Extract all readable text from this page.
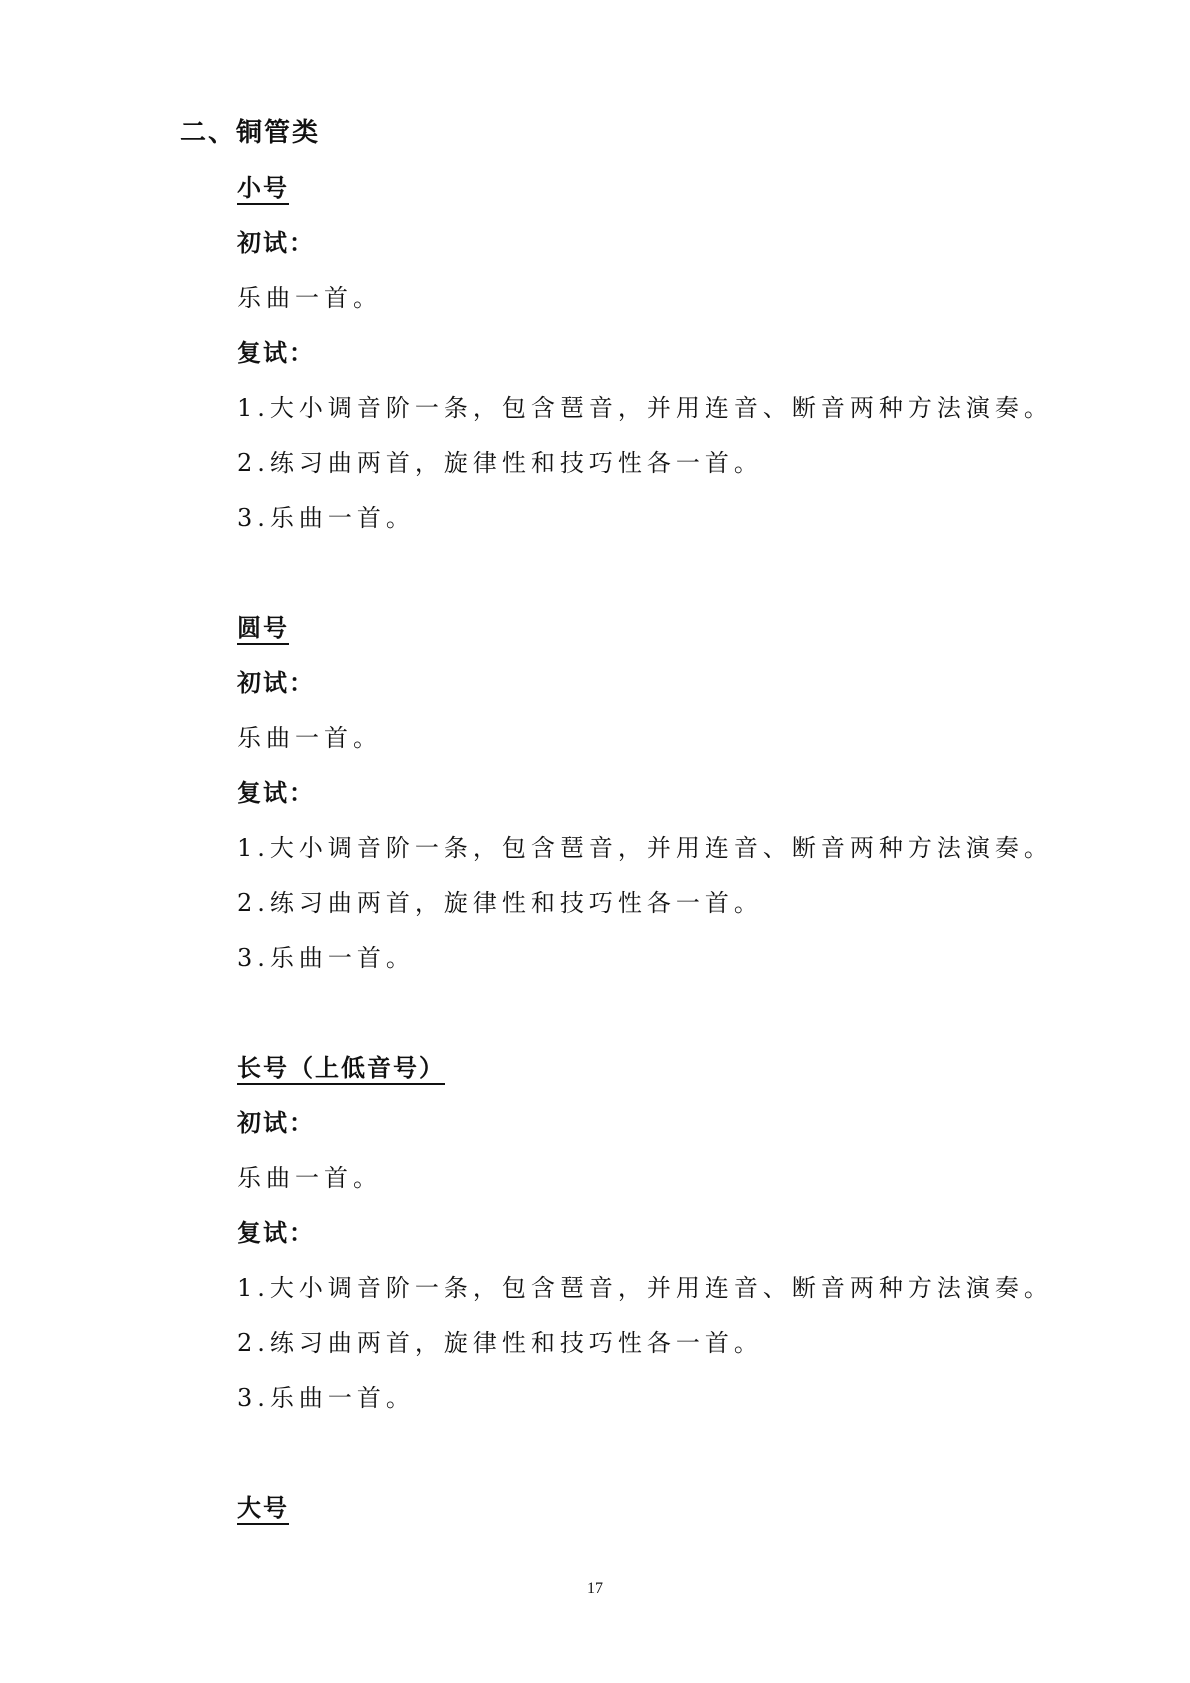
二、铜管类
小号
初试：
乐曲一首。
复试：
1.大小调音阶一条，包含琶音，并用连音、断音两种方法演奏。
2.练习曲两首，旋律性和技巧性各一首。
3.乐曲一首。
圆号
初试：
乐曲一首。
复试：
1.大小调音阶一条，包含琶音，并用连音、断音两种方法演奏。
2.练习曲两首，旋律性和技巧性各一首。
3.乐曲一首。
长号（上低音号）
初试：
乐曲一首。
复试：
1.大小调音阶一条，包含琶音，并用连音、断音两种方法演奏。
2.练习曲两首，旋律性和技巧性各一首。
3.乐曲一首。
大号
17
